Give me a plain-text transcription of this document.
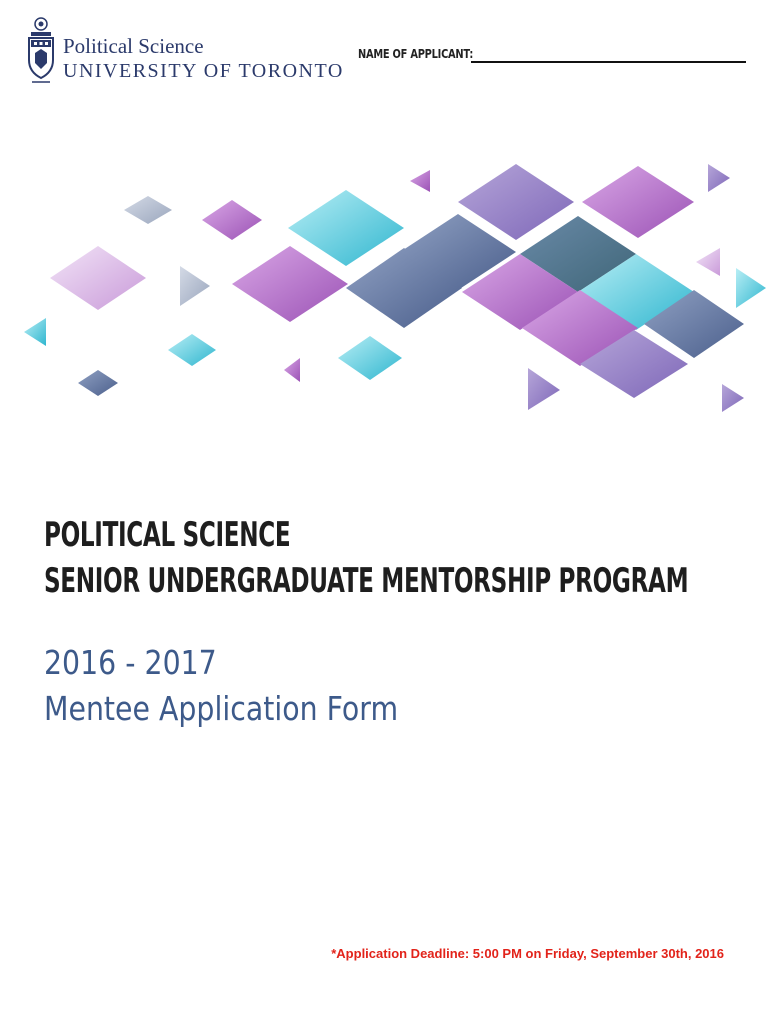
Political Science
UNIVERSITY OF TORONTO
NAME OF APPLICANT:
POLITICAL SCIENCE
SENIOR UNDERGRADUATE MENTORSHIP PROGRAM
2016 - 2017
Mentee Application Form
*Application Deadline: 5:00 PM on Friday, September 30th, 2016
